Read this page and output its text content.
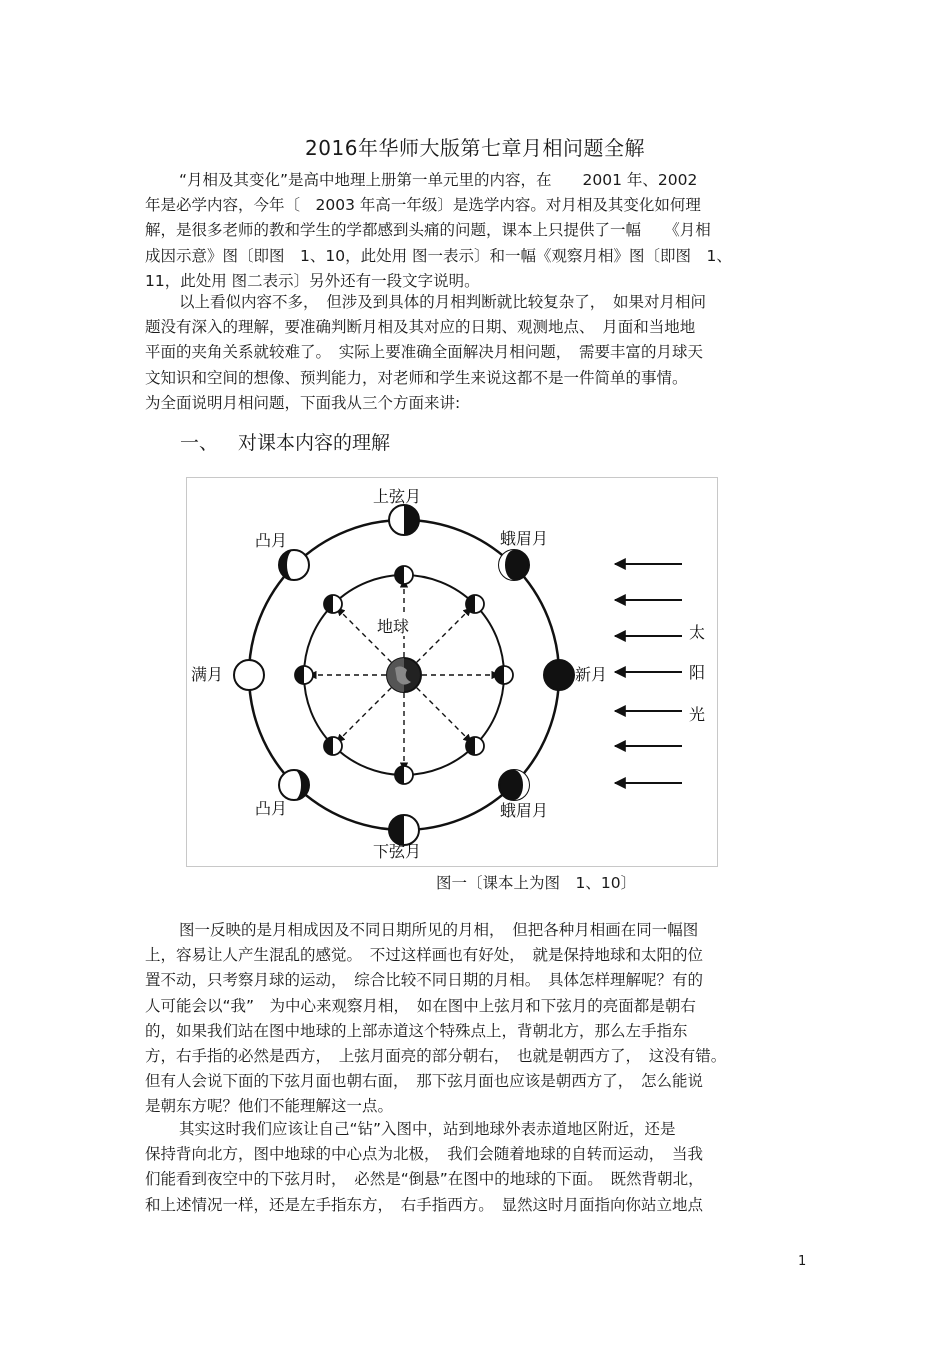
2016年华师大版第七章月相问题全解
“月相及其变化”是高中地理上册第一单元里的内容，在　　2001 年、2002
年是必学内容，今年〔　2003 年高一年级〕是选学内容。对月相及其变化如何理
解，是很多老师的教和学生的学都感到头痛的问题，课本上只提供了一幅　　《月相
成因示意》图〔即图　1、10，此处用 图一表示〕和一幅《观察月相》图〔即图　1、
11，此处用 图二表示〕另外还有一段文字说明。
以上看似内容不多，　但涉及到具体的月相判断就比较复杂了，　如果对月相问
题没有深入的理解，要准确判断月相及其对应的日期、观测地点、　月面和当地地
平面的夹角关系就较难了。　实际上要准确全面解决月相问题，　需要丰富的月球天
文知识和空间的想像、预判能力，对老师和学生来说这都不是一件简单的事情。
为全面说明月相问题，下面我从三个方面来讲:
一、 对课本内容的理解
地球
上弦月
凸月	蛾眉月
满月	新月
凸月	蛾眉月
下弦月
太
阳
光
图一〔课本上为图　1、10〕
图一反映的是月相成因及不同日期所见的月相，　但把各种月相画在同一幅图
上，容易让人产生混乱的感觉。　不过这样画也有好处，　就是保持地球和太阳的位
置不动，只考察月球的运动，　综合比较不同日期的月相。　具体怎样理解呢？有的
人可能会以“我”　为中心来观察月相，　如在图中上弦月和下弦月的亮面都是朝右
的，如果我们站在图中地球的上部赤道这个特殊点上，背朝北方，那么左手指东
方，右手指的必然是西方，　上弦月面亮的部分朝右，　也就是朝西方了，　这没有错。
但有人会说下面的下弦月面也朝右面，　那下弦月面也应该是朝西方了，　怎么能说
是朝东方呢？他们不能理解这一点。
其实这时我们应该让自己“钻”入图中，站到地球外表赤道地区附近，还是
保持背向北方，图中地球的中心点为北极，　我们会随着地球的自转而运动，　当我
们能看到夜空中的下弦月时，　必然是“倒悬”在图中的地球的下面。　既然背朝北，
和上述情况一样，还是左手指东方，　右手指西方。　显然这时月面指向你站立地点
1
